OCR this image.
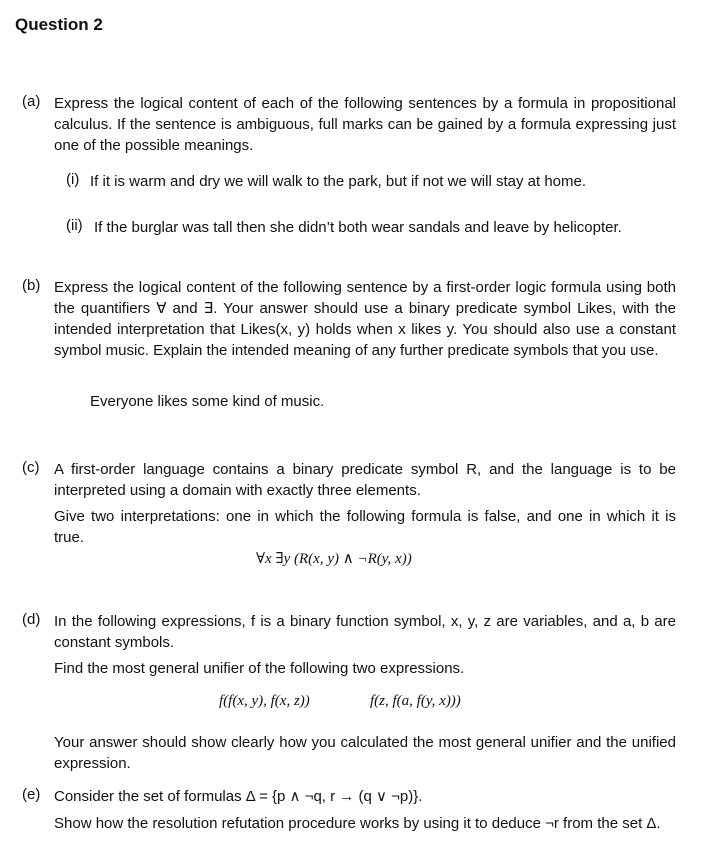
Question 2
(a) Express the logical content of each of the following sentences by a formula in propositional calculus. If the sentence is ambiguous, full marks can be gained by a formula expressing just one of the possible meanings.
(i) If it is warm and dry we will walk to the park, but if not we will stay at home.
(ii) If the burglar was tall then she didn’t both wear sandals and leave by helicopter.
(b) Express the logical content of the following sentence by a first-order logic formula using both the quantifiers ∀ and ∃. Your answer should use a binary predicate symbol Likes, with the intended interpretation that Likes(x, y) holds when x likes y. You should also use a constant symbol music. Explain the intended meaning of any further predicate symbols that you use.
Everyone likes some kind of music.
(c) A first-order language contains a binary predicate symbol R, and the language is to be interpreted using a domain with exactly three elements.
Give two interpretations: one in which the following formula is false, and one in which it is true.
∀x ∃y (R(x, y) ∧ ¬R(y, x))
(d) In the following expressions, f is a binary function symbol, x, y, z are variables, and a, b are constant symbols.
Find the most general unifier of the following two expressions.
f(f(x, y), f(x, z))	f(z, f(a, f(y, x)))
Your answer should show clearly how you calculated the most general unifier and the unified expression.
(e) Consider the set of formulas Δ = {p ∧ ¬q, r → (q ∨ ¬p)}.
Show how the resolution refutation procedure works by using it to deduce ¬r from the set Δ.
